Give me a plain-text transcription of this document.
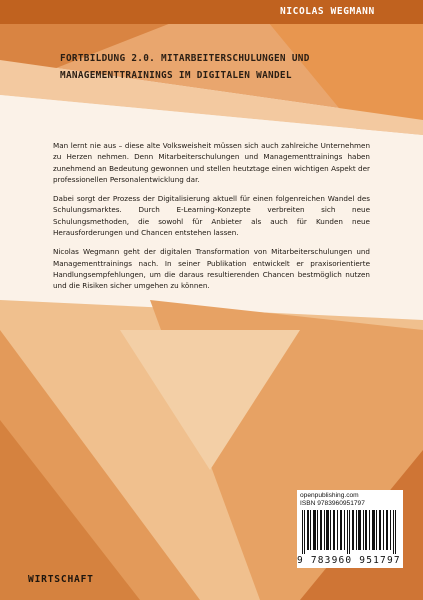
NICOLAS WEGMANN
FORTBILDUNG 2.0. MITARBEITERSCHULUNGEN UND MANAGEMENTTRAININGS IM DIGITALEN WANDEL

Man lernt nie aus – diese alte Volksweisheit müssen sich auch zahlreiche Unternehmen zu Herzen nehmen. Denn Mitarbeiterschulungen und Managementtrainings haben zunehmend an Bedeutung gewonnen und stellen heutztage einen wichtigen Aspekt der professionellen Personalentwicklung dar.

Dabei sorgt der Prozess der Digitalisierung aktuell für einen folgenreichen Wandel des Schulungsmarktes. Durch E-Learning-Konzepte verbreiten sich neue Schulungsmethoden, die sowohl für Anbieter als auch für Kunden neue Herausforderungen und Chancen entstehen lassen.

Nicolas Wegmann geht der digitalen Transformation von Mitarbeiterschulungen und Managementtrainings nach. In seiner Publikation entwickelt er praxisorientierte Handlungsempfehlungen, um die daraus resultierenden Chancen bestmöglich nutzen und die Risiken sicher umgehen zu können.

openpublishing.com
ISBN 9783960951797
9 783960 951797
WIRTSCHAFT
